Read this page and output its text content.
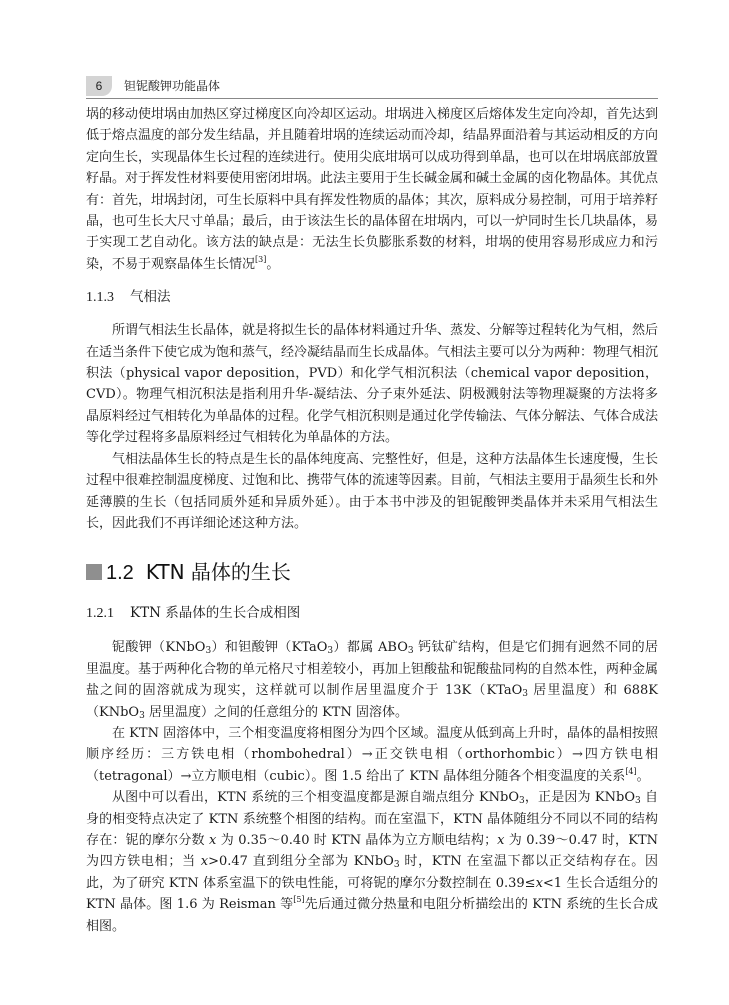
6	钽铌酸钾功能晶体

埚的移动使坩埚由加热区穿过梯度区向冷却区运动。坩埚进入梯度区后熔体发生定向冷却，首先达到低于熔点温度的部分发生结晶，并且随着坩埚的连续运动而冷却，结晶界面沿着与其运动相反的方向定向生长，实现晶体生长过程的连续进行。使用尖底坩埚可以成功得到单晶，也可以在坩埚底部放置籽晶。对于挥发性材料要使用密闭坩埚。此法主要用于生长碱金属和碱土金属的卤化物晶体。其优点有：首先，坩埚封闭，可生长原料中具有挥发性物质的晶体；其次，原料成分易控制，可用于培养籽晶，也可生长大尺寸单晶；最后，由于该法生长的晶体留在坩埚内，可以一炉同时生长几块晶体，易于实现工艺自动化。该方法的缺点是：无法生长负膨胀系数的材料，坩埚的使用容易形成应力和污染，不易于观察晶体生长情况[3]。

1.1.3 气相法

所谓气相法生长晶体，就是将拟生长的晶体材料通过升华、蒸发、分解等过程转化为气相，然后在适当条件下使它成为饱和蒸气，经冷凝结晶而生长成晶体。气相法主要可以分为两种：物理气相沉积法（physical vapor deposition，PVD）和化学气相沉积法（chemical vapor deposition，CVD）。物理气相沉积法是指利用升华-凝结法、分子束外延法、阴极溅射法等物理凝聚的方法将多晶原料经过气相转化为单晶体的过程。化学气相沉积则是通过化学传输法、气体分解法、气体合成法等化学过程将多晶原料经过气相转化为单晶体的方法。

气相法晶体生长的特点是生长的晶体纯度高、完整性好，但是，这种方法晶体生长速度慢，生长过程中很难控制温度梯度、过饱和比、携带气体的流速等因素。目前，气相法主要用于晶须生长和外延薄膜的生长（包括同质外延和异质外延）。由于本书中涉及的钽铌酸钾类晶体并未采用气相法生长，因此我们不再详细论述这种方法。

1.2 KTN 晶体的生长
1.2.1 KTN 系晶体的生长合成相图

铌酸钾（KNbO$_3$）和钽酸钾（KTaO$_3$）都属 $ABO_3$ 钙钛矿结构，但是它们拥有迥然不同的居里温度。基于两种化合物的单元格尺寸相差较小，再加上钽酸盐和铌酸盐同构的自然本性，两种金属盐之间的固溶就成为现实，这样就可以制作居里温度介于 13K（KTaO$_3$ 居里温度）和 688K（KNbO$_3$ 居里温度）之间的任意组分的 KTN 固溶体。

在 KTN 固溶体中，三个相变温度将相图分为四个区域。温度从低到高上升时，晶体的晶相按照顺序经历：三方铁电相（rhombohedral）→正交铁电相（orthorhombic）→四方铁电相（tetragonal）→立方顺电相（cubic）。图 1.5 给出了 KTN 晶体组分随各个相变温度的关系[4]。

从图中可以看出，KTN 系统的三个相变温度都是源自端点组分 KNbO$_3$，正是因为 KNbO$_3$ 自身的相变特点决定了 KTN 系统整个相图的结构。而在室温下，KTN 晶体随组分不同以不同的结构存在：铌的摩尔分数 x 为 0.35～0.40 时 KTN 晶体为立方顺电结构；x 为 0.39～0.47 时，KTN 为四方铁电相；当 x>0.47 直到组分全部为 KNbO$_3$ 时，KTN 在室温下都以正交结构存在。因此，为了研究 KTN 体系室温下的铁电性能，可将铌的摩尔分数控制在 0.39≤x<1 生长合适组分的 KTN 晶体。图 1.6 为 Reisman 等[5]先后通过微分热量和电阻分析描绘出的 KTN 系统的生长合成相图。
